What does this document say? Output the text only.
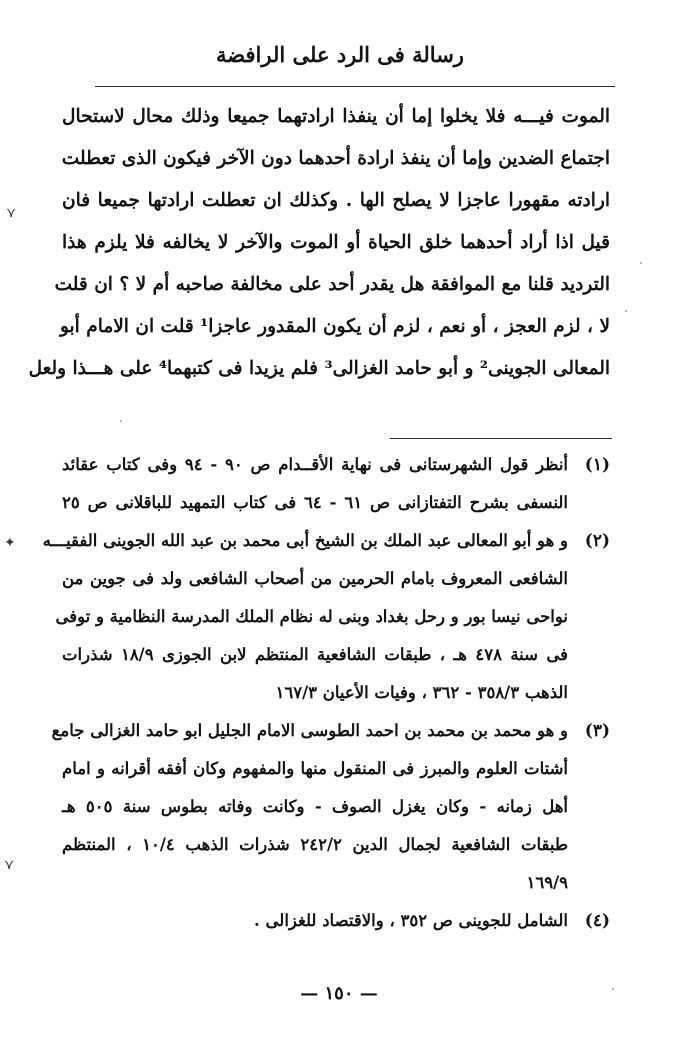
رسالة فى الرد على الرافضة
الموت فيـــه فلا يخلوا إما أن ينفذا ارادتهما جميعا وذلك محال لاستحال
اجتماع الضدين وإما أن ينفذ ارادة أحدهما دون الآخر فيكون الذى تعطلت
ارادته مقهورا عاجزا لا يصلح الها . وكذلك ان تعطلت ارادتها جميعا فان
قيل اذا أراد أحدهما خلق الحياة أو الموت والآخر لا يخالفه فلا يلزم هذا
الترديد قلنا مع الموافقة هل يقدر أحد على مخالفة صاحبه أم لا ؟ ان قلت
لا ، لزم العجز ، أو نعم ، لزم أن يكون المقدور عاجزا¹ قلت ان الامام أبو
المعالى الجوينى² و أبو حامد الغزالى³ فلم يزيدا فى كتبهما⁴ على هـــذا ولعل
(١)
أنظر قول الشهرستانى فى نهاية الأقــدام ص ٩٠ - ٩٤ وفى كتاب عقائد
النسفى بشرح التفتازانى ص ٦١ - ٦٤ فى كتاب التمهيد للباقلانى ص ٢٥
(٢)
و هو أبو المعالى عبد الملك بن الشيخ أبى محمد بن عبد الله الجوينى الفقيـــه
الشافعى المعروف بامام الحرمين من أصحاب الشافعى ولد فى جوين من
نواحى نيسا بور و رحل بغداد وبنى له نظام الملك المدرسة النظامية و توفى
فى سنة ٤٧٨ هـ ، طبقات الشافعية المنتظم لابن الجوزى ١٨/٩ شذرات
الذهب ٣٥٨/٣ - ٣٦٢ ، وفيات الأعيان ١٦٧/٣
(٣)
و هو محمد بن محمد بن احمد الطوسى الامام الجليل ابو حامد الغزالى جامع
أشتات العلوم والمبرز فى المنقول منها والمفهوم وكان أفقه أقرانه و امام
أهل زمانه - وكان يغزل الصوف - وكانت وفاته بطوس سنة ٥٠٥ هـ
طبقات الشافعية لجمال الدين ٢٤٢/٢ شذرات الذهب ١٠/٤ ، المنتظم
١٦٩/٩
(٤)
الشامل للجوينى ص ٣٥٢ ، والاقتصاد للغزالى .
— ١٥٠ —
⋎
✦
⋎
